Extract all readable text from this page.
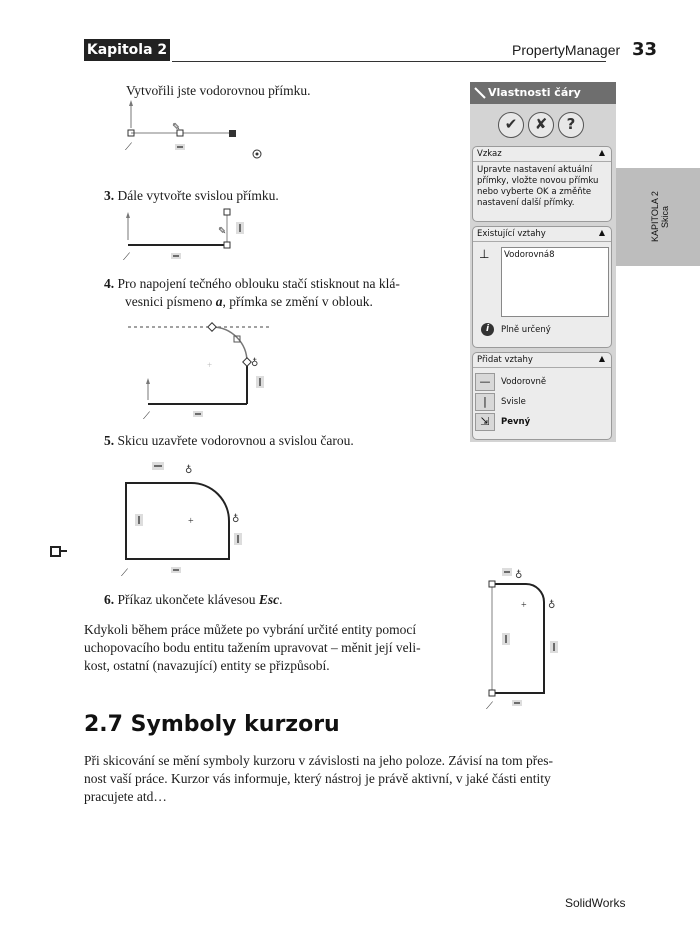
Kapitola 2	PropertyManager 33
KAPITOLA 2
Skica
Vytvořili jste vodorovnou přímku.
✎
⟋
3. Dále vytvořte svislou přímku.
✎
⟋
4. Pro napojení tečného oblouku stačí stisknout na klá-
vesnici písmeno a, přímka se změní v oblouk.
♁
+
⟋
5. Skicu uzavřete vodorovnou a svislou čarou.
♁
+	♁
⟋
6. Příkaz ukončete klávesou Esc.
Kdykoli během práce můžete po vybrání určité entity pomocí
uchopovacího bodu entitu tažením upravovat – měnit její veli-
kost, ostatní (navazující) entity se přizpůsobí.
♁
+ ♁
⟋
Vlastnosti čáry
✔	✘	?
Vzkaz	▲
Upravte nastavení aktuální
přímky, vložte novou přímku
nebo vyberte OK a změňte
nastavení další přímky.
Existující vztahy	▲
⊥ Vodorovná8
i	Plně určený
Přidat vztahy	▲
—	Vodorovně
|	Svisle
⇲	Pevný
2.7 Symboly kurzoru
Při skicování se mění symboly kurzoru v závislosti na jeho poloze. Závisí na tom přes-
nost vaší práce. Kurzor vás informuje, který nástroj je právě aktivní, v jaké části entity
pracujete atd…
SolidWorks
